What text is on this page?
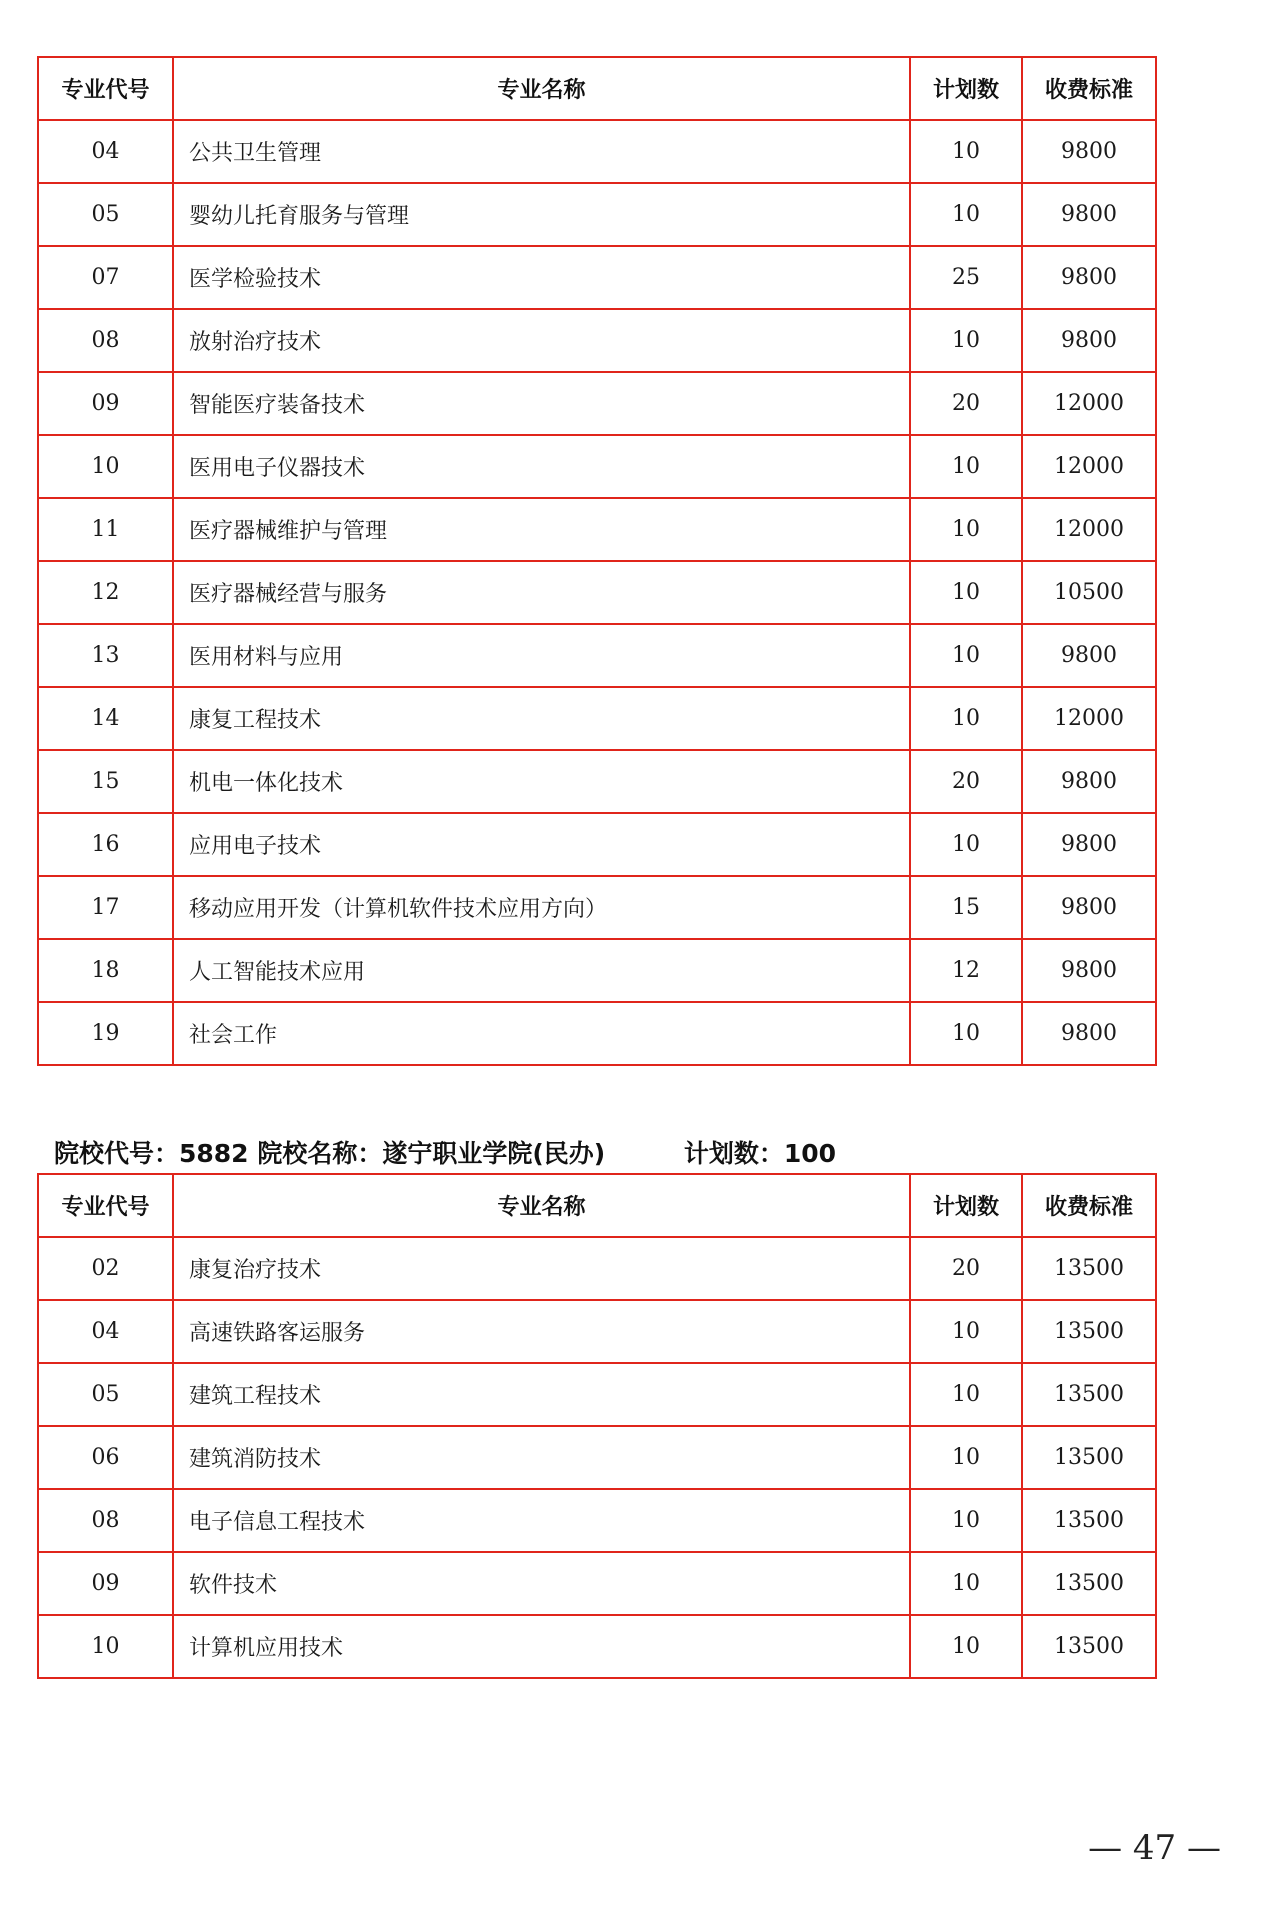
专业代号	专业名称	计划数	收费标准
04	公共卫生管理	10	9800
05	婴幼儿托育服务与管理	10	9800
07	医学检验技术	25	9800
08	放射治疗技术	10	9800
09	智能医疗装备技术	20	12000
10	医用电子仪器技术	10	12000
11	医疗器械维护与管理	10	12000
12	医疗器械经营与服务	10	10500
13	医用材料与应用	10	9800
14	康复工程技术	10	12000
15	机电一体化技术	20	9800
16	应用电子技术	10	9800
17	移动应用开发（计算机软件技术应用方向）	15	9800
18	人工智能技术应用	12	9800
19	社会工作	10	9800
院校代号：5882 院校名称：遂宁职业学院(民办)	计划数：100
专业代号	专业名称	计划数	收费标准
02	康复治疗技术	20	13500
04	高速铁路客运服务	10	13500
05	建筑工程技术	10	13500
06	建筑消防技术	10	13500
08	电子信息工程技术	10	13500
09	软件技术	10	13500
10	计算机应用技术	10	13500
— 47 —
